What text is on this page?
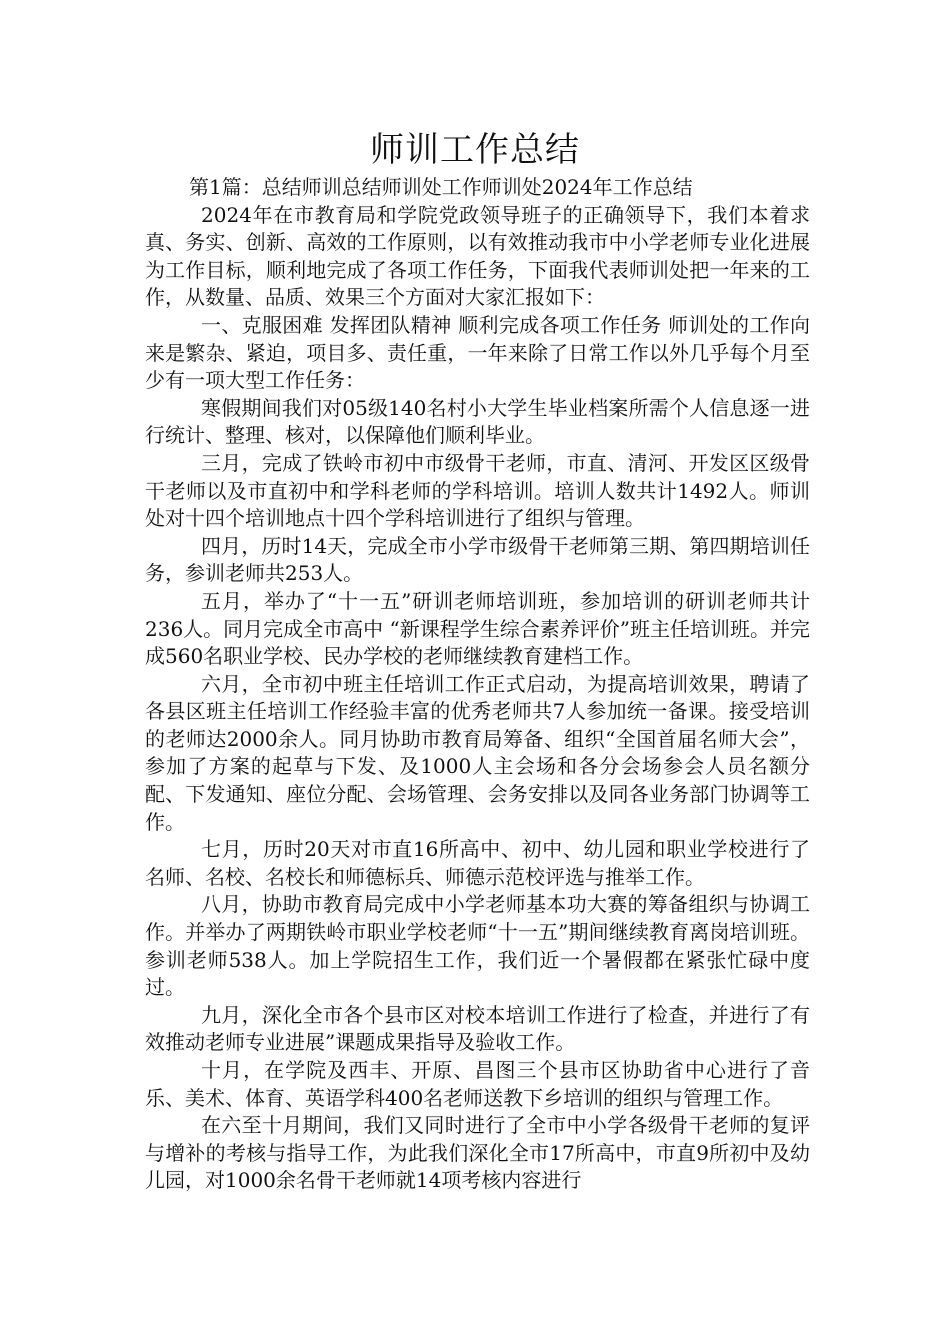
师训工作总结

第1篇：总结师训总结师训处工作师训处2024年工作总结

2024年在市教育局和学院党政领导班子的正确领导下，我们本着求真、务实、创新、高效的工作原则，以有效推动我市中小学老师专业化进展为工作目标，顺利地完成了各项工作任务，下面我代表师训处把一年来的工作，从数量、品质、效果三个方面对大家汇报如下：

一、克服困难 发挥团队精神 顺利完成各项工作任务 师训处的工作向来是繁杂、紧迫，项目多、责任重，一年来除了日常工作以外几乎每个月至少有一项大型工作任务：

寒假期间我们对05级140名村小大学生毕业档案所需个人信息逐一进行统计、整理、核对，以保障他们顺利毕业。

三月，完成了铁岭市初中市级骨干老师，市直、清河、开发区区级骨干老师以及市直初中和学科老师的学科培训。培训人数共计1492人。师训处对十四个培训地点十四个学科培训进行了组织与管理。

四月，历时14天，完成全市小学市级骨干老师第三期、第四期培训任务，参训老师共253人。

五月，举办了“十一五”研训老师培训班，参加培训的研训老师共计236人。同月完成全市高中 “新课程学生综合素养评价”班主任培训班。并完成560名职业学校、民办学校的老师继续教育建档工作。

六月，全市初中班主任培训工作正式启动，为提高培训效果，聘请了各县区班主任培训工作经验丰富的优秀老师共7人参加统一备课。接受培训的老师达2000余人。同月协助市教育局筹备、组织“全国首届名师大会”，参加了方案的起草与下发、及1000人主会场和各分会场参会人员名额分配、下发通知、座位分配、会场管理、会务安排以及同各业务部门协调等工作。

七月，历时20天对市直16所高中、初中、幼儿园和职业学校进行了名师、名校、名校长和师德标兵、师德示范校评选与推举工作。

八月，协助市教育局完成中小学老师基本功大赛的筹备组织与协调工作。并举办了两期铁岭市职业学校老师“十一五”期间继续教育离岗培训班。参训老师538人。加上学院招生工作，我们近一个暑假都在紧张忙碌中度过。

九月，深化全市各个县市区对校本培训工作进行了检查，并进行了有效推动老师专业进展”课题成果指导及验收工作。

十月，在学院及西丰、开原、昌图三个县市区协助省中心进行了音乐、美术、体育、英语学科400名老师送教下乡培训的组织与管理工作。

在六至十月期间，我们又同时进行了全市中小学各级骨干老师的复评与增补的考核与指导工作，为此我们深化全市17所高中，市直9所初中及幼儿园，对1000余名骨干老师就14项考核内容进行
